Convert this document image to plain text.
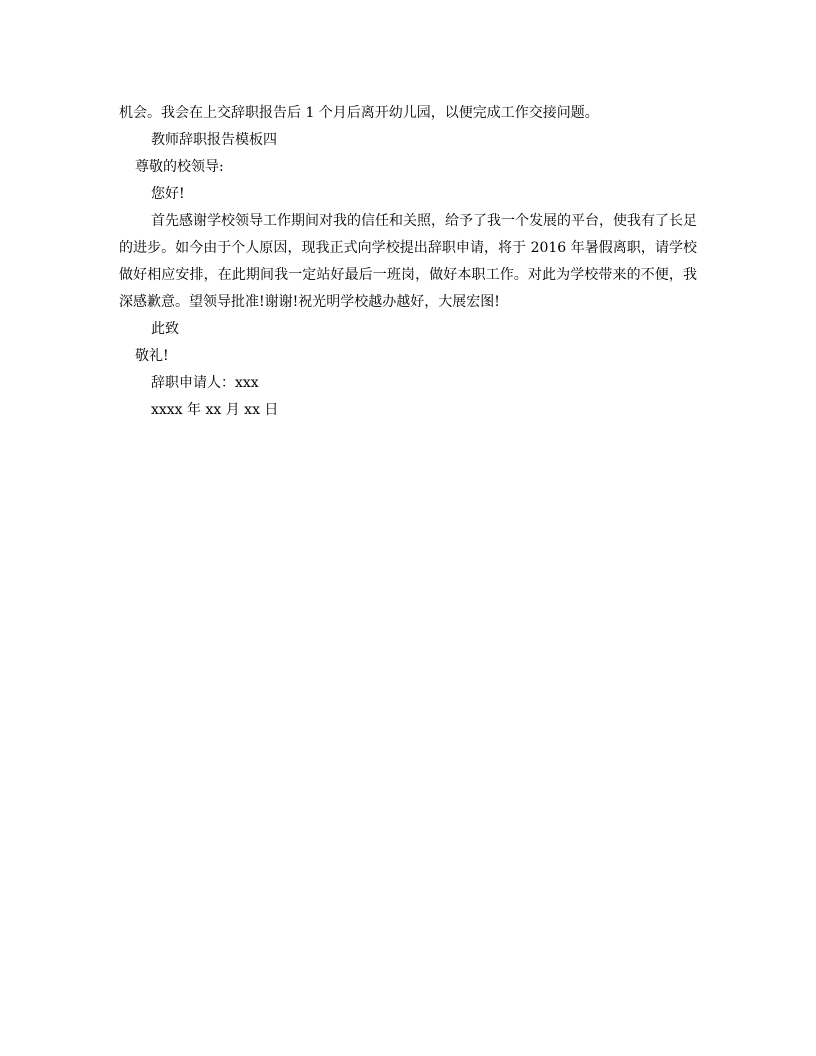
机会。我会在上交辞职报告后 1 个月后离开幼儿园，以便完成工作交接问题。
教师辞职报告模板四
尊敬的校领导:
您好!
首先感谢学校领导工作期间对我的信任和关照，给予了我一个发展的平台，使我有了长足的进步。如今由于个人原因，现我正式向学校提出辞职申请，将于 2016 年暑假离职，请学校做好相应安排，在此期间我一定站好最后一班岗，做好本职工作。对此为学校带来的不便，我深感歉意。望领导批准!谢谢!祝光明学校越办越好，大展宏图!
此致
敬礼!
辞职申请人：xxx
xxxx 年 xx 月 xx 日
